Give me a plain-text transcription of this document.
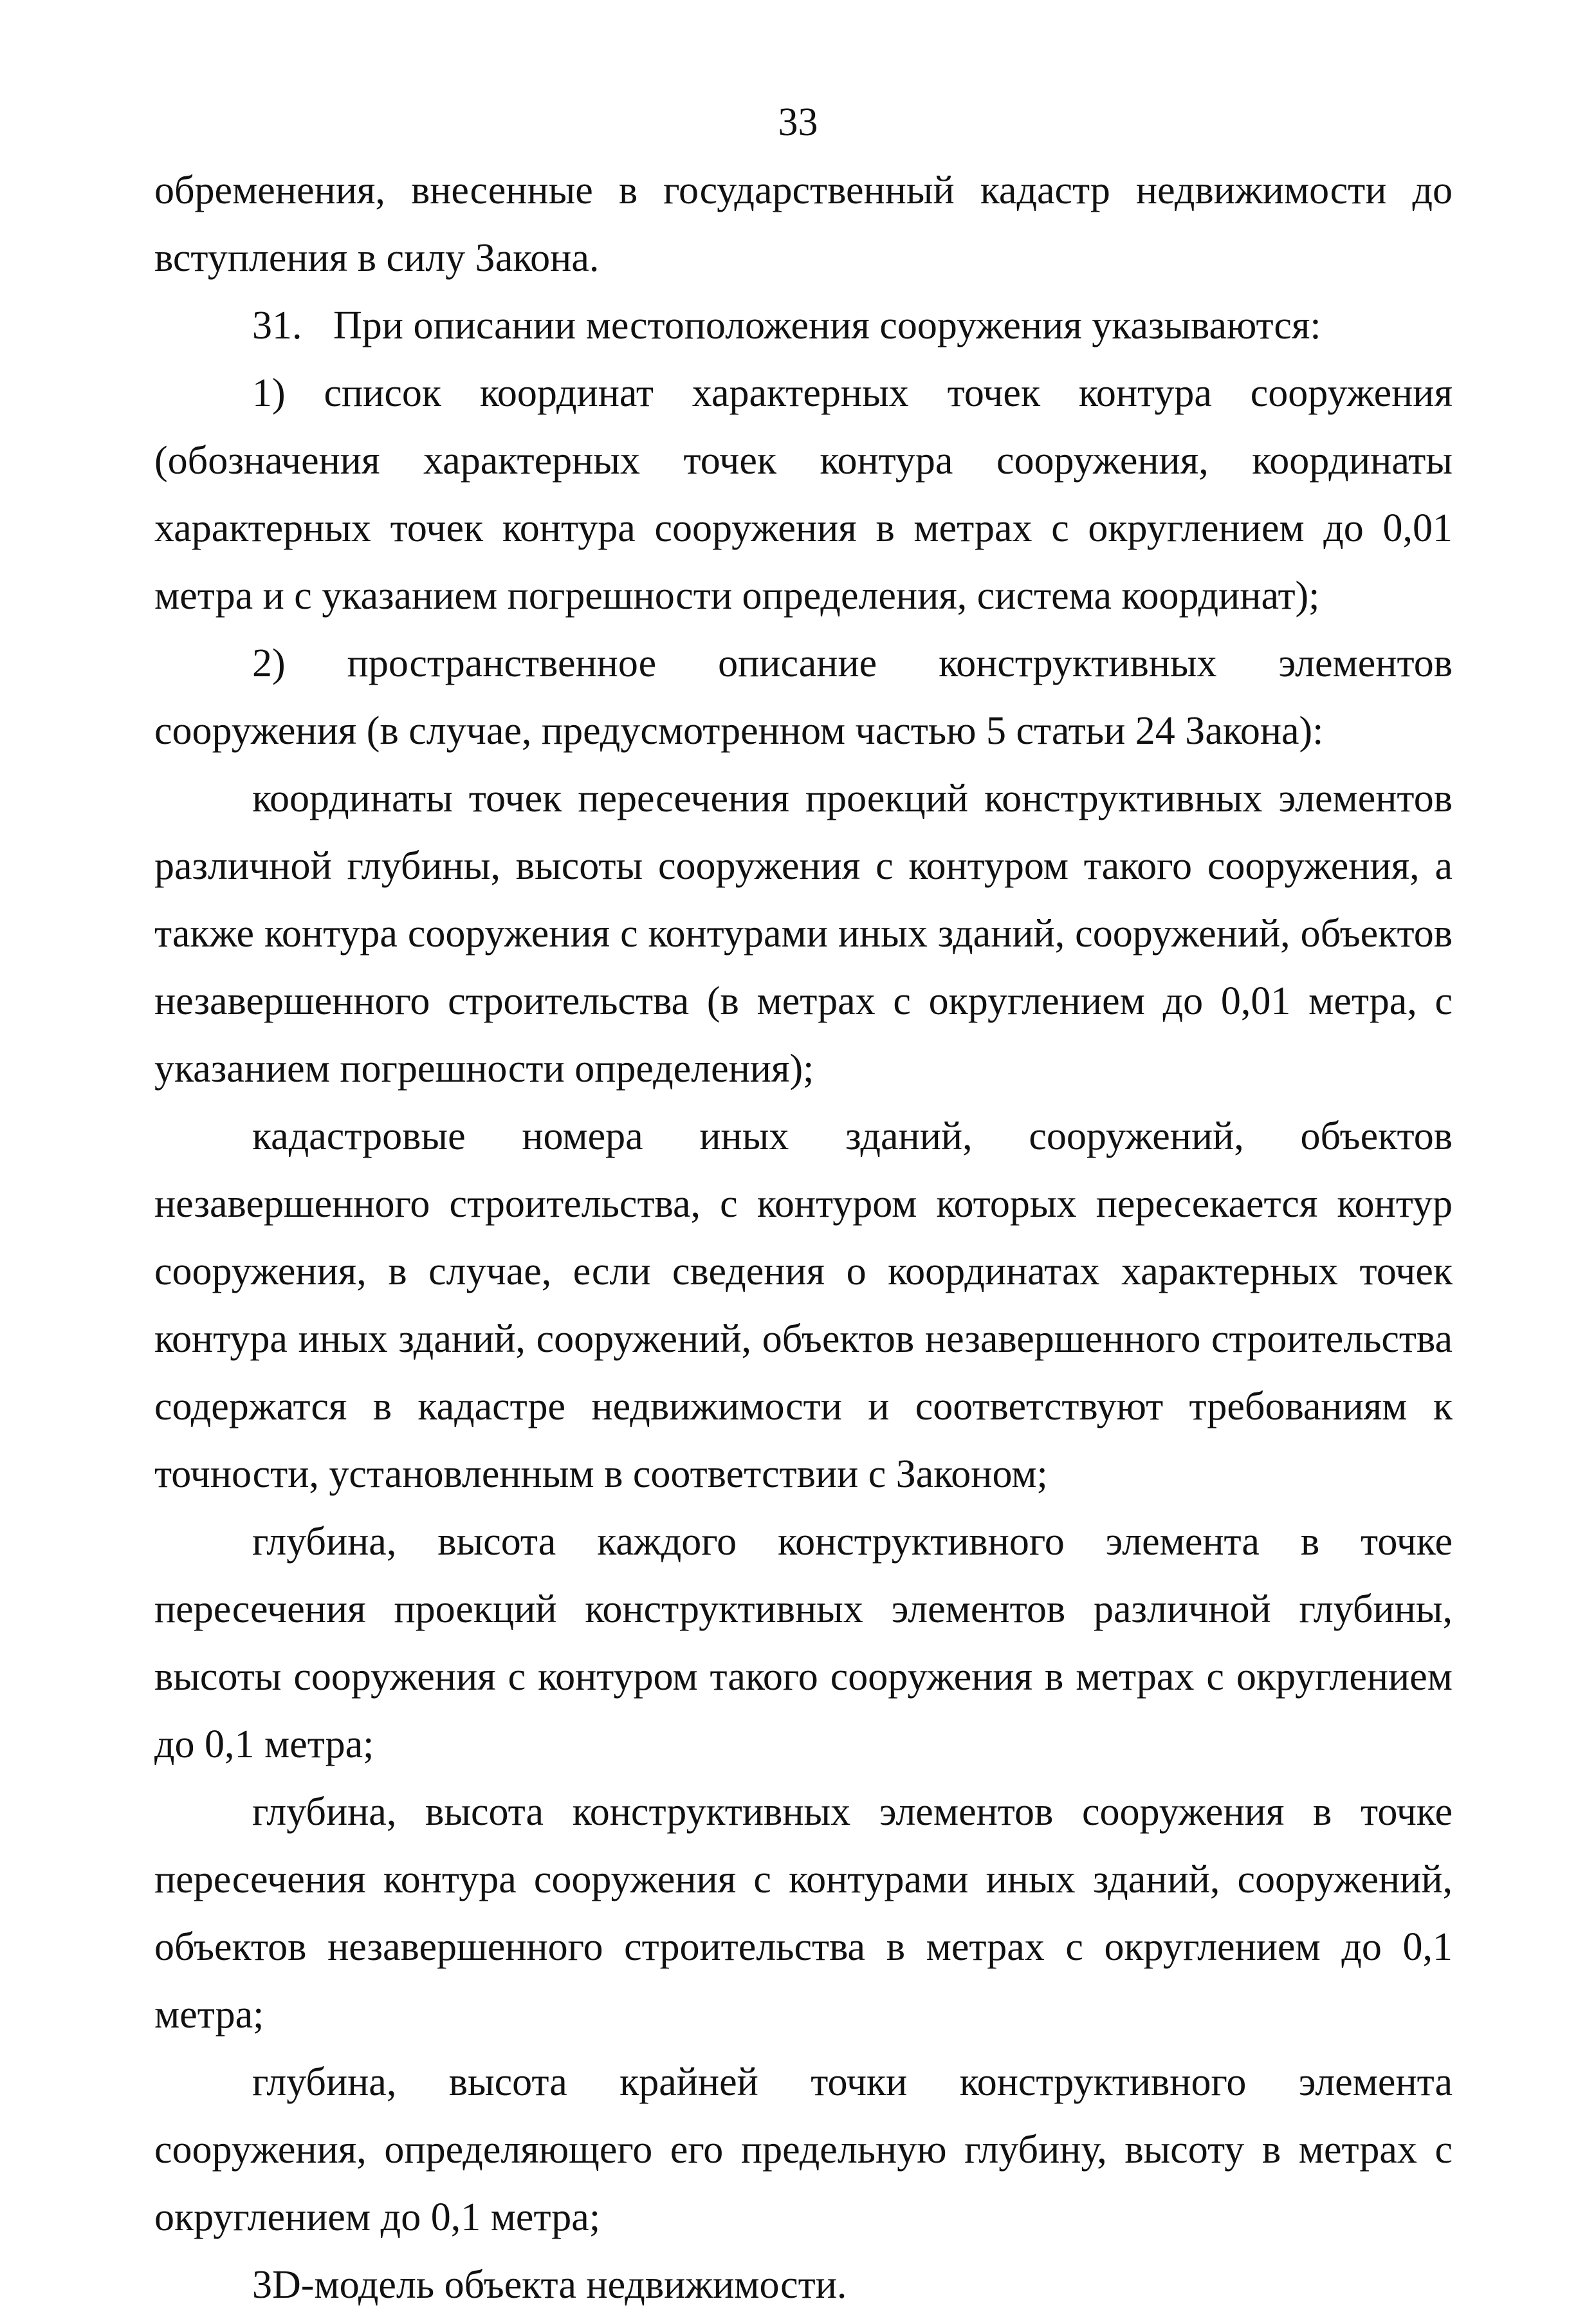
33

обременения, внесенные в государственный кадастр недвижимости до вступления в силу Закона.

31. При описании местоположения сооружения указываются:

1) список координат характерных точек контура сооружения (обозначения характерных точек контура сооружения, координаты характерных точек контура сооружения в метрах с округлением до 0,01 метра и с указанием погрешности определения, система координат);

2) пространственное описание конструктивных элементов сооружения (в случае, предусмотренном частью 5 статьи 24 Закона):

координаты точек пересечения проекций конструктивных элементов различной глубины, высоты сооружения с контуром такого сооружения, а также контура сооружения с контурами иных зданий, сооружений, объектов незавершенного строительства (в метрах с округлением до 0,01 метра, с указанием погрешности определения);

кадастровые номера иных зданий, сооружений, объектов незавершенного строительства, с контуром которых пересекается контур сооружения, в случае, если сведения о координатах характерных точек контура иных зданий, сооружений, объектов незавершенного строительства содержатся в кадастре недвижимости и соответствуют требованиям к точности, установленным в соответствии с Законом;

глубина, высота каждого конструктивного элемента в точке пересечения проекций конструктивных элементов различной глубины, высоты сооружения с контуром такого сооружения в метрах с округлением до 0,1 метра;

глубина, высота конструктивных элементов сооружения в точке пересечения контура сооружения с контурами иных зданий, сооружений, объектов незавершенного строительства в метрах с округлением до 0,1 метра;

глубина, высота крайней точки конструктивного элемента сооружения, определяющего его предельную глубину, высоту в метрах с округлением до 0,1 метра;

3D-модель объекта недвижимости.
